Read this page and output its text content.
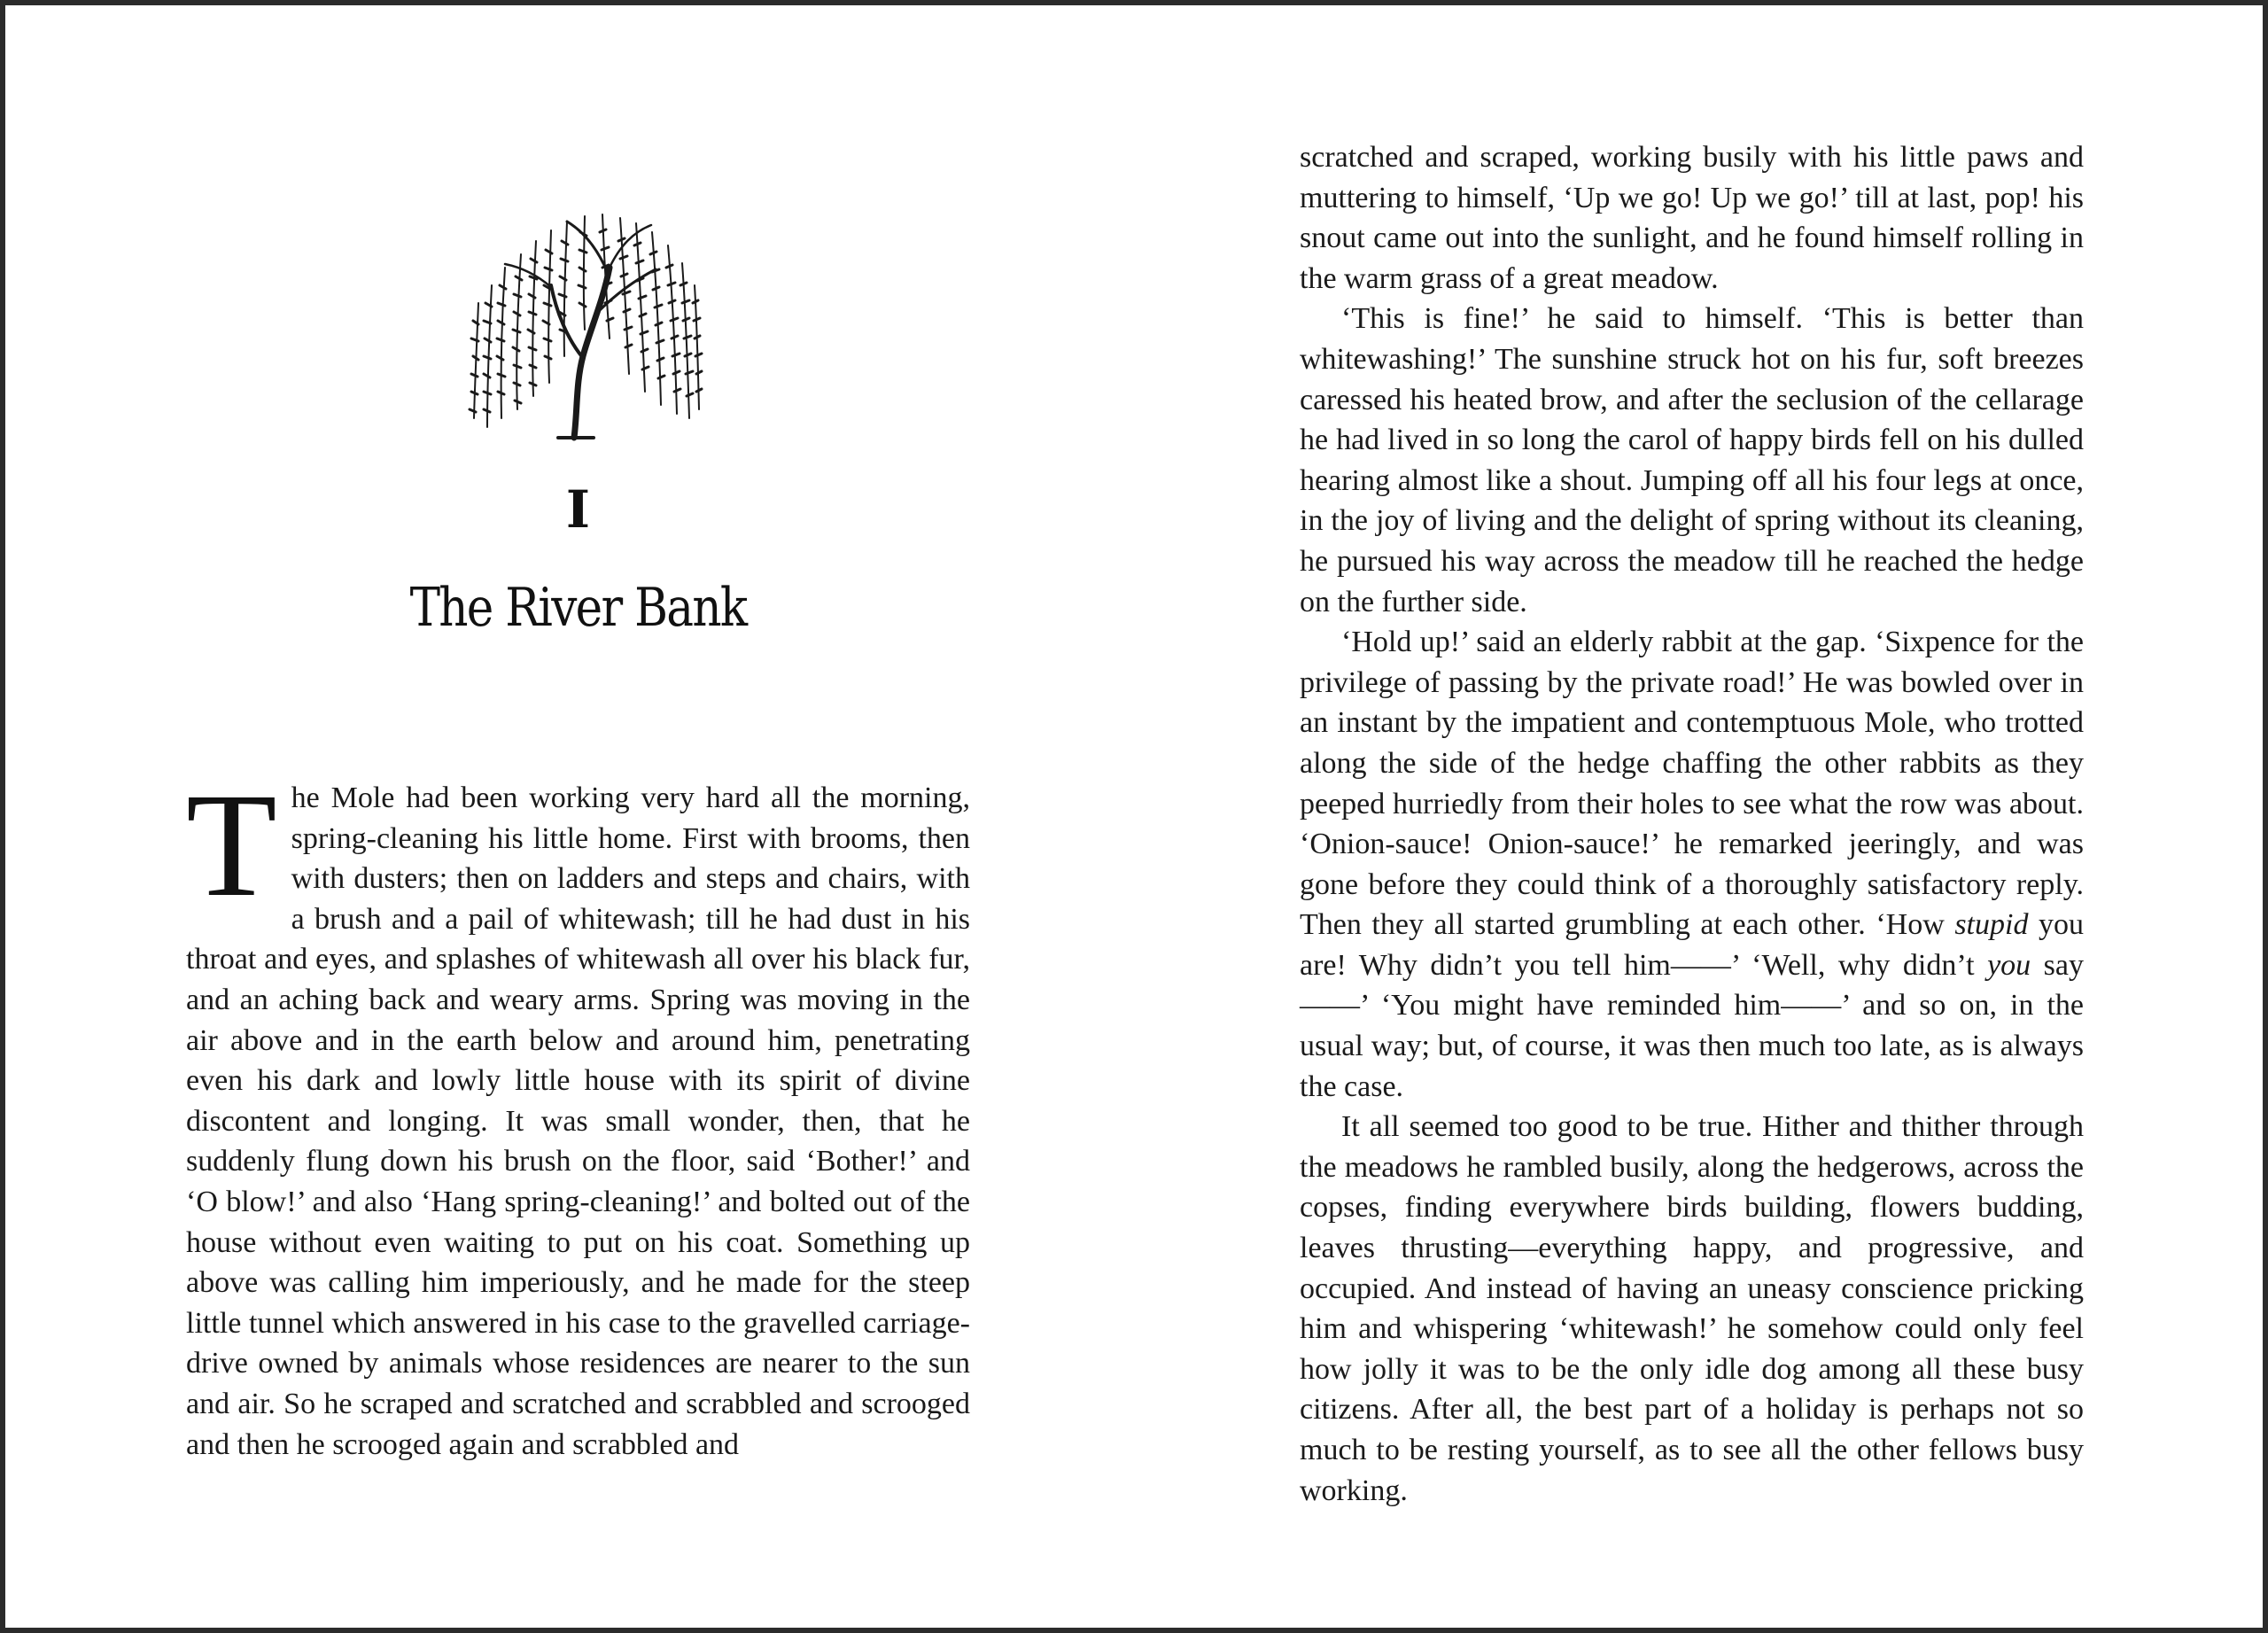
I
The River Bank

The Mole had been working very hard all the morning, spring-cleaning his little home. First with brooms, then with dusters; then on ladders and steps and chairs, with a brush and a pail of whitewash; till he had dust in his throat and eyes, and splashes of whitewash all over his black fur, and an aching back and weary arms. Spring was moving in the air above and in the earth below and around him, penetrating even his dark and lowly little house with its spirit of divine discontent and longing. It was small wonder, then, that he suddenly flung down his brush on the floor, said ‘Bother!’ and ‘O blow!’ and also ‘Hang spring-cleaning!’ and bolted out of the house without even waiting to put on his coat. Something up above was calling him imperiously, and he made for the steep little tunnel which answered in his case to the gravelled carriage-drive owned by animals whose residences are nearer to the sun and air. So he scraped and scratched and scrabbled and scrooged and then he scrooged again and scrabbled and

scratched and scraped, working busily with his little paws and muttering to himself, ‘Up we go! Up we go!’ till at last, pop! his snout came out into the sunlight, and he found himself rolling in the warm grass of a great meadow.

‘This is fine!’ he said to himself. ‘This is better than whitewashing!’ The sunshine struck hot on his fur, soft breezes caressed his heated brow, and after the seclusion of the cellarage he had lived in so long the carol of happy birds fell on his dulled hearing almost like a shout. Jumping off all his four legs at once, in the joy of living and the delight of spring without its cleaning, he pursued his way across the meadow till he reached the hedge on the further side.

‘Hold up!’ said an elderly rabbit at the gap. ‘Sixpence for the privilege of passing by the private road!’ He was bowled over in an instant by the impatient and contemptuous Mole, who trotted along the side of the hedge chaffing the other rabbits as they peeped hurriedly from their holes to see what the row was about. ‘Onion-sauce! Onion-sauce!’ he remarked jeeringly, and was gone before they could think of a thoroughly satisfactory reply. Then they all started grumbling at each other. ‘How stupid you are! Why didn’t you tell him——’ ‘Well, why didn’t you say——’ ‘You might have reminded him——’ and so on, in the usual way; but, of course, it was then much too late, as is always the case.

It all seemed too good to be true. Hither and thither through the meadows he rambled busily, along the hedgerows, across the copses, finding everywhere birds building, flowers budding, leaves thrusting—everything happy, and progressive, and occupied. And instead of having an uneasy conscience pricking him and whispering ‘whitewash!’ he somehow could only feel how jolly it was to be the only idle dog among all these busy citizens. After all, the best part of a holiday is perhaps not so much to be resting yourself, as to see all the other fellows busy working.
